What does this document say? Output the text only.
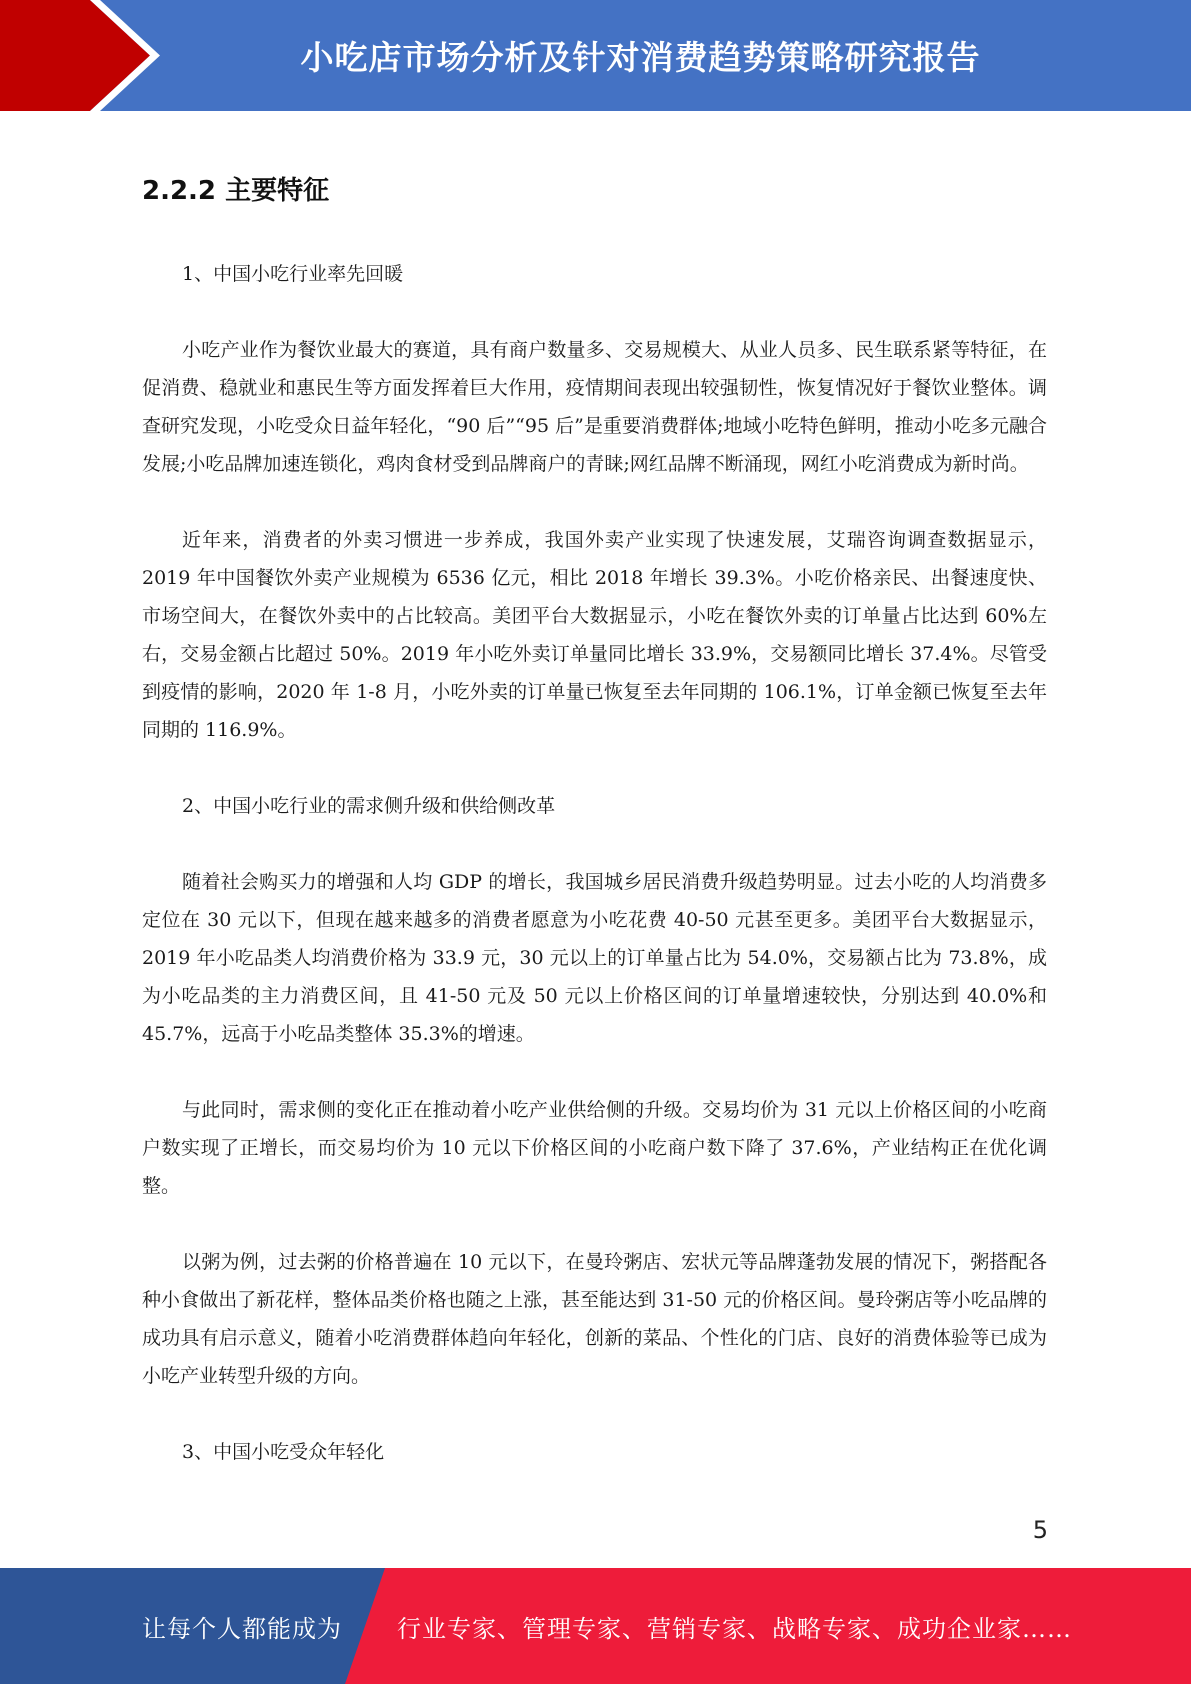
小吃店市场分析及针对消费趋势策略研究报告
2.2.2 主要特征

1、中国小吃行业率先回暖

小吃产业作为餐饮业最大的赛道，具有商户数量多、交易规模大、从业人员多、民生联系紧等特征，在促消费、稳就业和惠民生等方面发挥着巨大作用，疫情期间表现出较强韧性，恢复情况好于餐饮业整体。调查研究发现，小吃受众日益年轻化，“90 后”“95 后”是重要消费群体;地域小吃特色鲜明，推动小吃多元融合发展;小吃品牌加速连锁化，鸡肉食材受到品牌商户的青睐;网红品牌不断涌现，网红小吃消费成为新时尚。

近年来，消费者的外卖习惯进一步养成，我国外卖产业实现了快速发展，艾瑞咨询调查数据显示，2019 年中国餐饮外卖产业规模为 6536 亿元，相比 2018 年增长 39.3%。小吃价格亲民、出餐速度快、市场空间大，在餐饮外卖中的占比较高。美团平台大数据显示，小吃在餐饮外卖的订单量占比达到 60%左右，交易金额占比超过 50%。2019 年小吃外卖订单量同比增长 33.9%，交易额同比增长 37.4%。尽管受到疫情的影响，2020 年 1-8 月，小吃外卖的订单量已恢复至去年同期的 106.1%，订单金额已恢复至去年同期的 116.9%。

2、中国小吃行业的需求侧升级和供给侧改革

随着社会购买力的增强和人均 GDP 的增长，我国城乡居民消费升级趋势明显。过去小吃的人均消费多定位在 30 元以下，但现在越来越多的消费者愿意为小吃花费 40-50 元甚至更多。美团平台大数据显示，2019 年小吃品类人均消费价格为 33.9 元，30 元以上的订单量占比为 54.0%，交易额占比为 73.8%，成为小吃品类的主力消费区间，且 41-50 元及 50 元以上价格区间的订单量增速较快，分别达到 40.0%和 45.7%，远高于小吃品类整体 35.3%的增速。

与此同时，需求侧的变化正在推动着小吃产业供给侧的升级。交易均价为 31 元以上价格区间的小吃商户数实现了正增长，而交易均价为 10 元以下价格区间的小吃商户数下降了 37.6%，产业结构正在优化调整。

以粥为例，过去粥的价格普遍在 10 元以下，在曼玲粥店、宏状元等品牌蓬勃发展的情况下，粥搭配各种小食做出了新花样，整体品类价格也随之上涨，甚至能达到 31-50 元的价格区间。曼玲粥店等小吃品牌的成功具有启示意义，随着小吃消费群体趋向年轻化，创新的菜品、个性化的门店、良好的消费体验等已成为小吃产业转型升级的方向。

3、中国小吃受众年轻化

5
让每个人都能成为 行业专家、管理专家、营销专家、战略专家、成功企业家……
